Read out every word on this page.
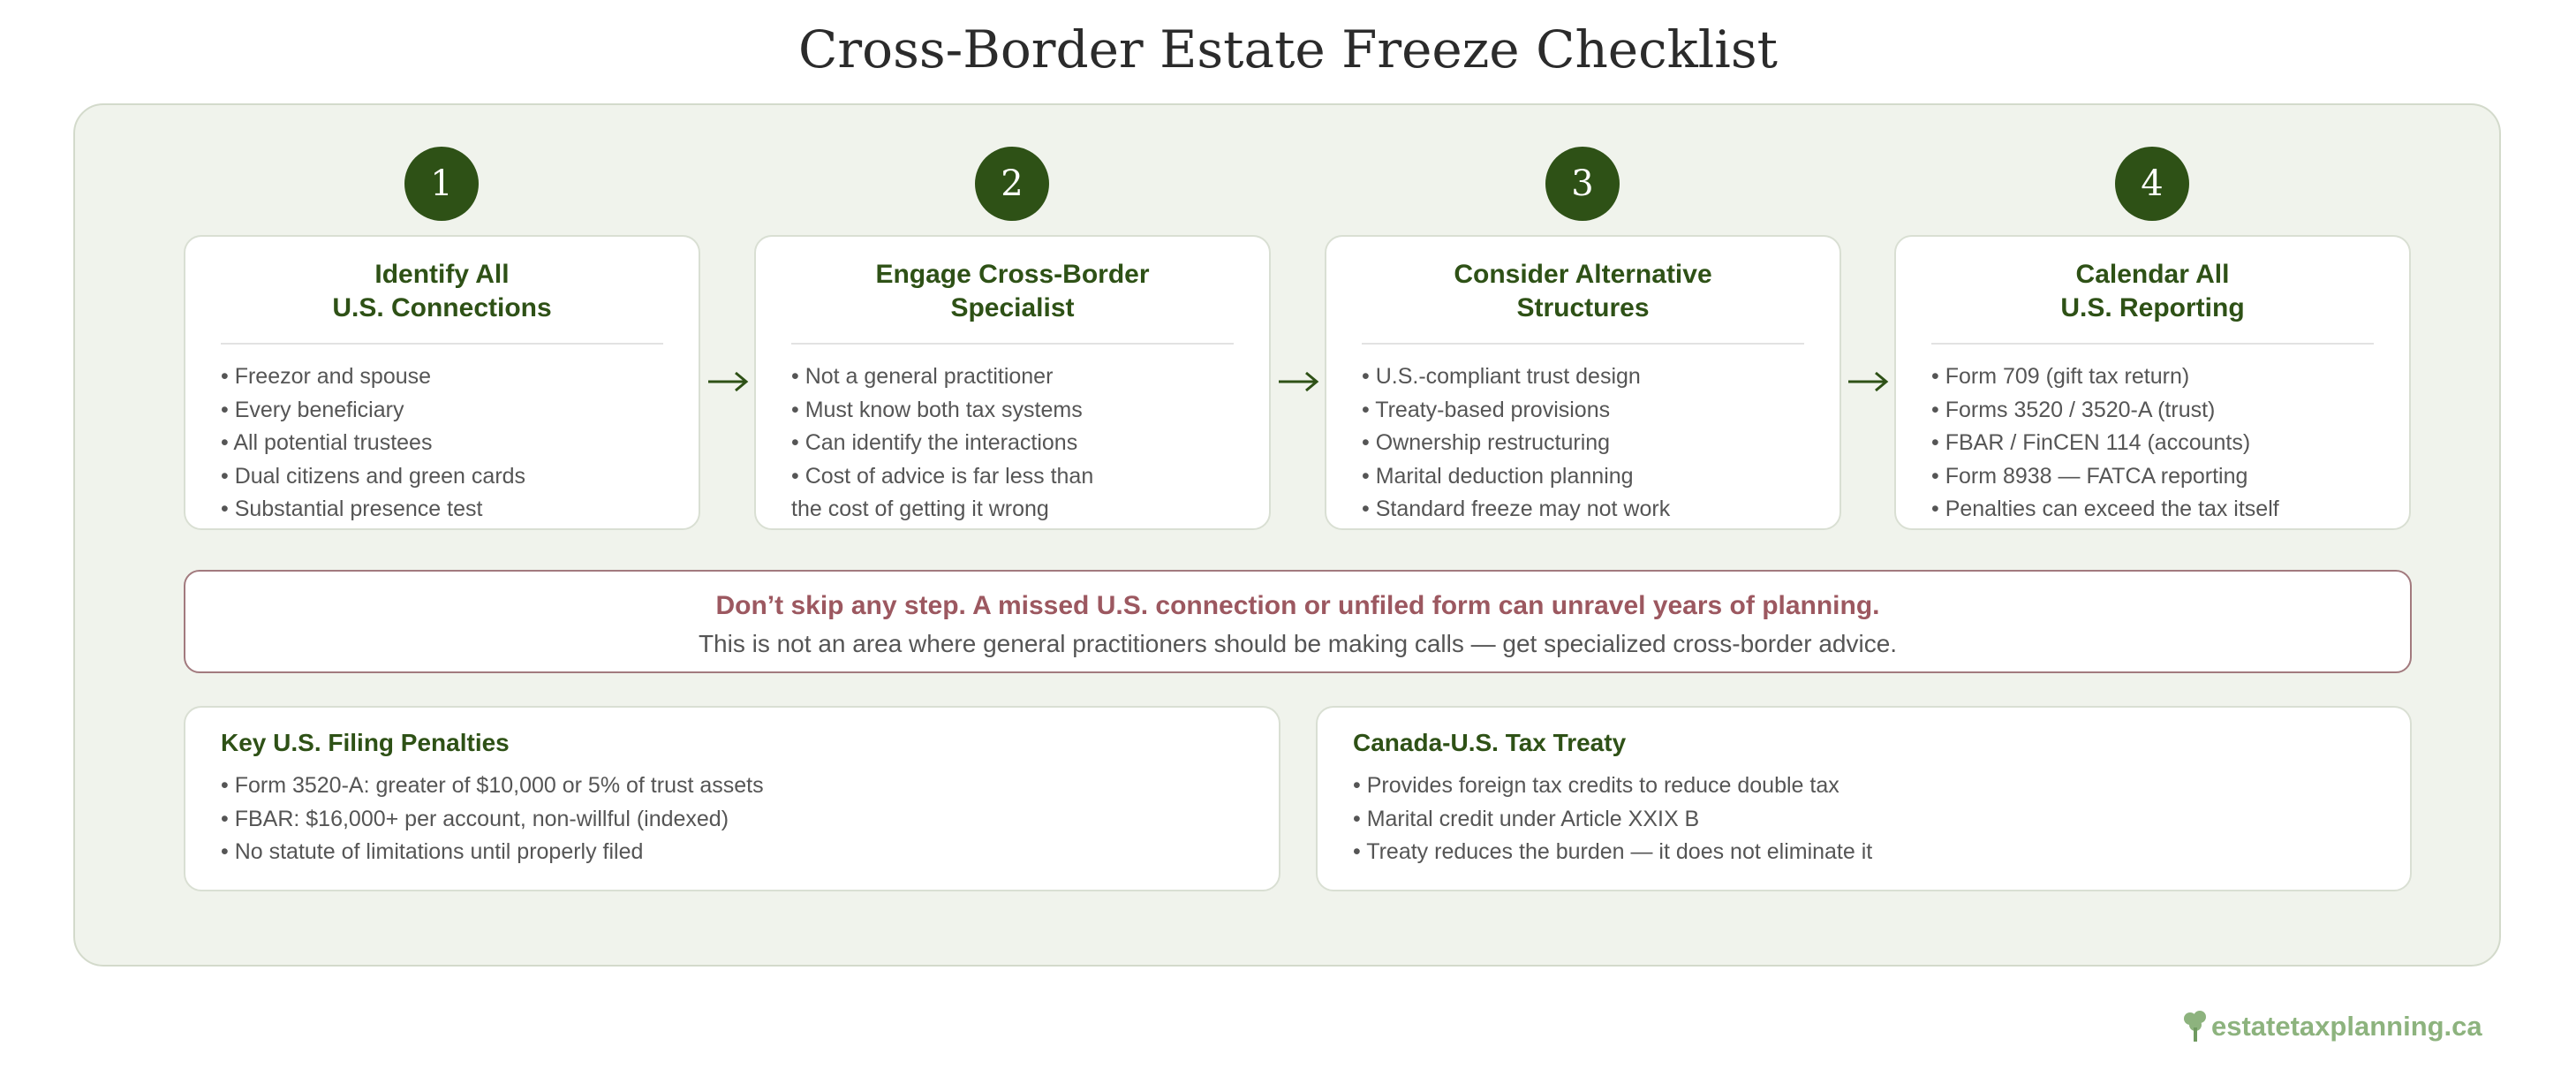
Cross-Border Estate Freeze Checklist
1	2	3	4
Identify All
U.S. Connections
• Freezor and spouse
• Every beneficiary
• All potential trustees
• Dual citizens and green cards
• Substantial presence test
Engage Cross-Border
Specialist
• Not a general practitioner
• Must know both tax systems
• Can identify the interactions
• Cost of advice is far less than
the cost of getting it wrong
Consider Alternative
Structures
• U.S.-compliant trust design
• Treaty-based provisions
• Ownership restructuring
• Marital deduction planning
• Standard freeze may not work
Calendar All
U.S. Reporting
• Form 709 (gift tax return)
• Forms 3520 / 3520-A (trust)
• FBAR / FinCEN 114 (accounts)
• Form 8938 — FATCA reporting
• Penalties can exceed the tax itself
Don’t skip any step. A missed U.S. connection or unfiled form can unravel years of planning.
This is not an area where general practitioners should be making calls — get specialized cross-border advice.
Key U.S. Filing Penalties
• Form 3520-A: greater of $10,000 or 5% of trust assets
• FBAR: $16,000+ per account, non-willful (indexed)
• No statute of limitations until properly filed
Canada-U.S. Tax Treaty
• Provides foreign tax credits to reduce double tax
• Marital credit under Article XXIX B
• Treaty reduces the burden — it does not eliminate it
estatetaxplanning.ca
